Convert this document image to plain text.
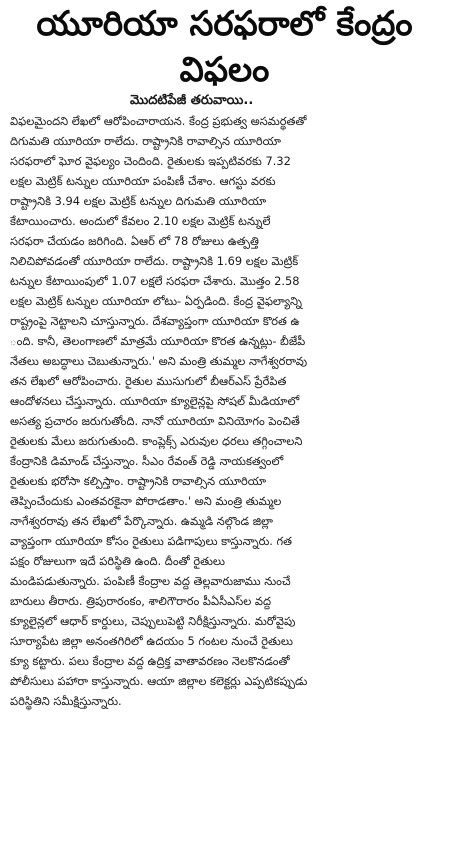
యూరియా సరఫరాలో కేంద్రం
విఫలం
మొదటిపేజీ తరువాయి..
విఫలమైందని లేఖలో ఆరోపించారాయన. కేంద్ర ప్రభుత్వ అసమర్థతతో
దిగుమతి యూరియా రాలేదు. రాష్ట్రానికి రావాల్సిన యూరియా
సరఫరాలో ఘోర వైఫల్యం చెందింది. రైతులకు ఇప్పటివరకు 7.32
లక్షల మెట్రిక్ టన్నుల యూరియా పంపిణీ చేశాం. ఆగస్టు వరకు
రాష్ట్రానికి 3.94 లక్షల మెట్రిక్ టన్నుల దిగుమతి యూరియా
కేటాయించారు. అందులో కేవలం 2.10 లక్షల మెట్రిక్ టన్నులే
సరఫరా చేయడం జరిగింది. ఏఆర్ లో 78 రోజులు ఉత్పత్తి
నిలిచిపోవడంతో యూరియా రాలేదు. రాష్ట్రానికి 1.69 లక్షల మెట్రిక్
టన్నుల కేటాయింపులో 1.07 లక్షలే సరఫరా చేశారు. మొత్తం 2.58
లక్షల మెట్రిక్ టన్నుల యూరియా లోటు- ఏర్పడింది. కేంద్ర వైఫల్యాన్ని
రాష్ట్రంపై నెట్టాలని చూస్తున్నారు. దేశవ్యాప్తంగా యూరియా కొరత ఉ
ంది. కానీ, తెలంగాణలో మాత్రమే యూరియా కొరత ఉన్నట్లు- బీజేపీ
నేతలు అబద్ధాలు చెబుతున్నారు.' అని మంత్రి తుమ్మల నాగేశ్వరరావు
తన లేఖలో ఆరోపించారు. రైతుల ముసుగులో బీఆర్ఎస్ ప్రేరేపిత
ఆందోళనలు చేస్తున్నారు. యూరియా క్యూలైన్లపై సోషల్ మీడియాలో
అసత్య ప్రచారం జరుగుతోంది. నానో యూరియా వినియోగం పెంచితే
రైతులకు మేలు జరుగుతుంది. కాంప్లెక్స్ ఎరువుల ధరలు తగ్గించాలని
కేంద్రానికి డిమాండ్ చేస్తున్నాం. సీఎం రేవంత్ రెడ్డి నాయకత్వంలో
రైతులకు భరోసా కల్పిస్తాం. రాష్ట్రానికి రావాల్సిన యూరియా
తెప్పించేందుకు ఎంతవరకైనా పోరాడతాం.' అని మంత్రి తుమ్మల
నాగేశ్వరరావు తన లేఖలో పేర్కొన్నారు. ఉమ్మడి నల్గొండ జిల్లా
వ్యాప్తంగా యూరియా కోసం రైతులు పడిగాపులు కాస్తున్నారు. గత
పక్షం రోజులుగా ఇదే పరిస్థితి ఉంది. దీంతో రైతులు
మండిపడుతున్నారు. పంపిణీ కేంద్రాల వద్ద తెల్లవారుజాము నుంచే
బారులు తీరారు. త్రిపురారంకం, శాలిగౌరారం పీఏసీఎస్‌ల వద్ద
క్యూలైన్లలో ఆధార్ కార్డులు, చెప్పులుపెట్టి నిరీక్షిస్తున్నారు. మరోవైపు
సూర్యాపేట జిల్లా అనంతగిరిలో ఉదయం 5 గంటల నుంచే రైతులు
క్యూ కట్టారు. పలు కేంద్రాల వద్ద ఉద్రిక్త వాతావరణం నెలకొనడంతో
పోలీసులు పహారా కాస్తున్నారు. ఆయా జిల్లాల కలెక్టర్లు ఎప్పటికప్పుడు
పరిస్థితిని సమీక్షిస్తున్నారు.
